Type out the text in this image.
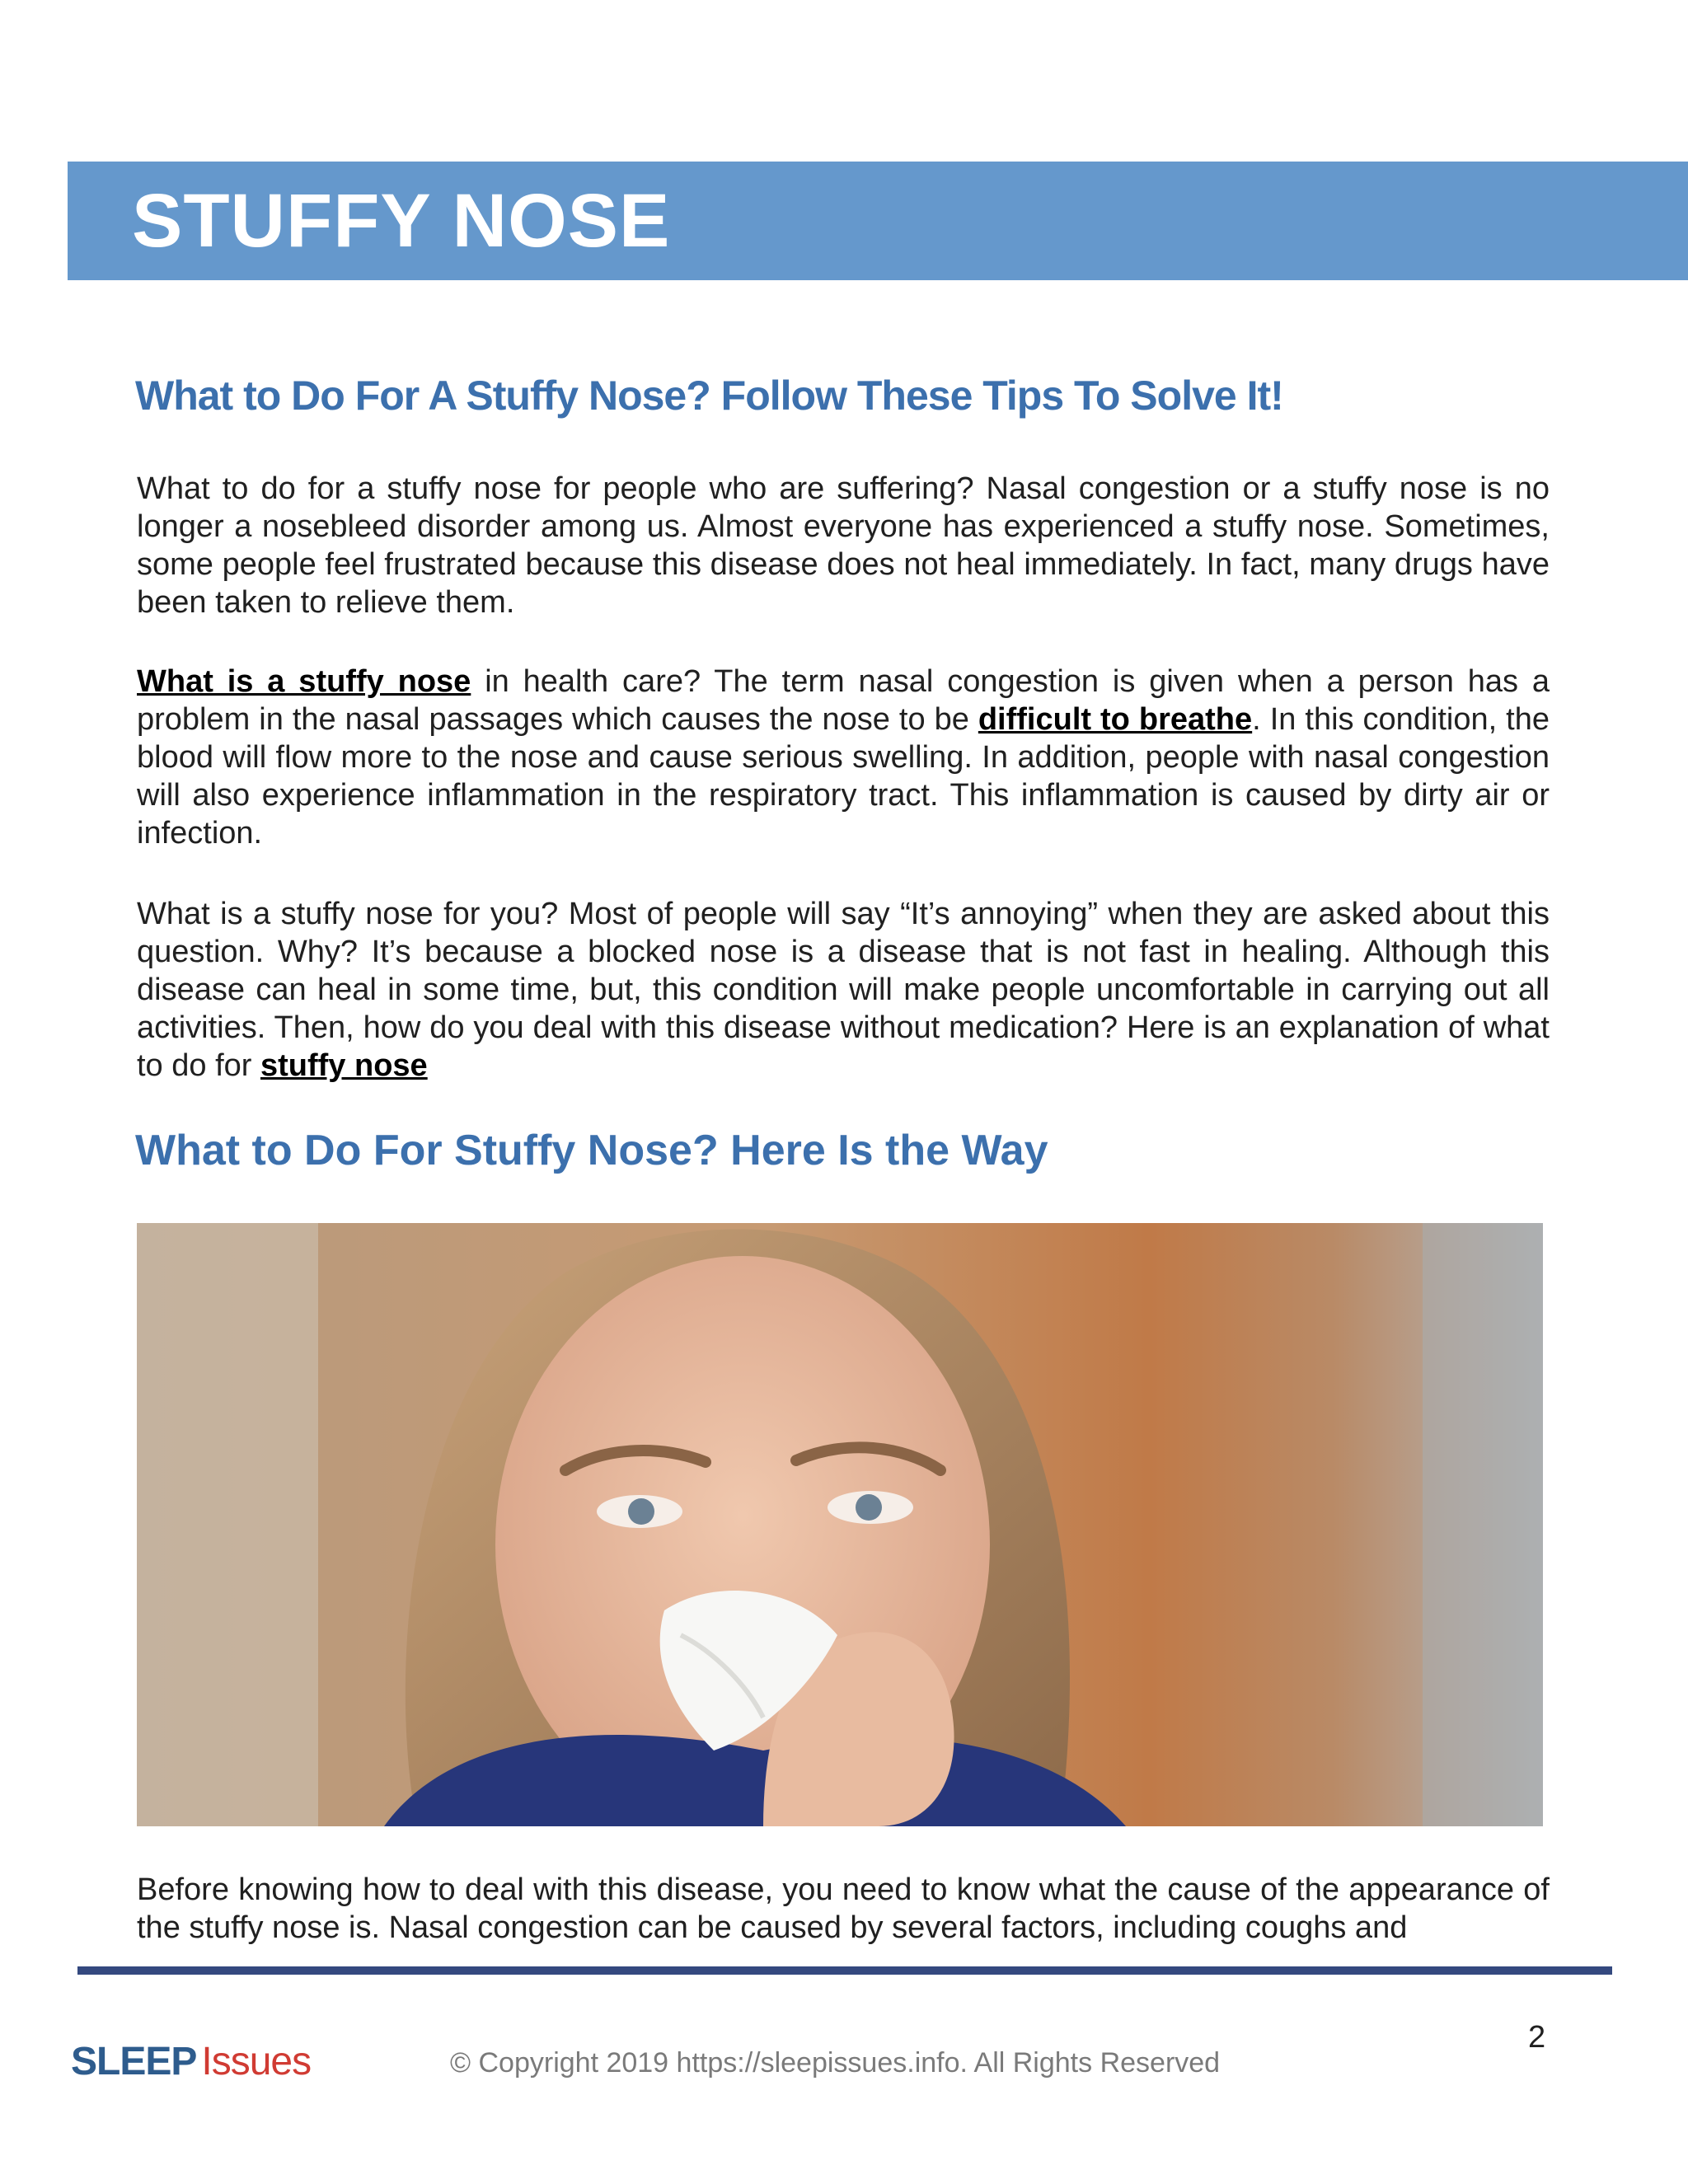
STUFFY NOSE
What to Do For A Stuffy Nose? Follow These Tips To Solve It!

What to do for a stuffy nose for people who are suffering? Nasal congestion or a stuffy nose is no longer a nosebleed disorder among us. Almost everyone has experienced a stuffy nose. Sometimes, some people feel frustrated because this disease does not heal immediately. In fact, many drugs have been taken to relieve them.

What is a stuffy nose in health care? The term nasal congestion is given when a person has a problem in the nasal passages which causes the nose to be difficult to breathe. In this condition, the blood will flow more to the nose and cause serious swelling. In addition, people with nasal congestion will also experience inflammation in the respiratory tract. This inflammation is caused by dirty air or infection.

What is a stuffy nose for you? Most of people will say “It’s annoying” when they are asked about this question. Why? It’s because a blocked nose is a disease that is not fast in healing. Although this disease can heal in some time, but, this condition will make people uncomfortable in carrying out all activities. Then, how do you deal with this disease without medication? Here is an explanation of what to do for stuffy nose

What to Do For Stuffy Nose? Here Is the Way

Before knowing how to deal with this disease, you need to know what the cause of the appearance of the stuffy nose is. Nasal congestion can be caused by several factors, including coughs and

SLEEP Issues	© Copyright 2019 https://sleepissues.info. All Rights Reserved
2
